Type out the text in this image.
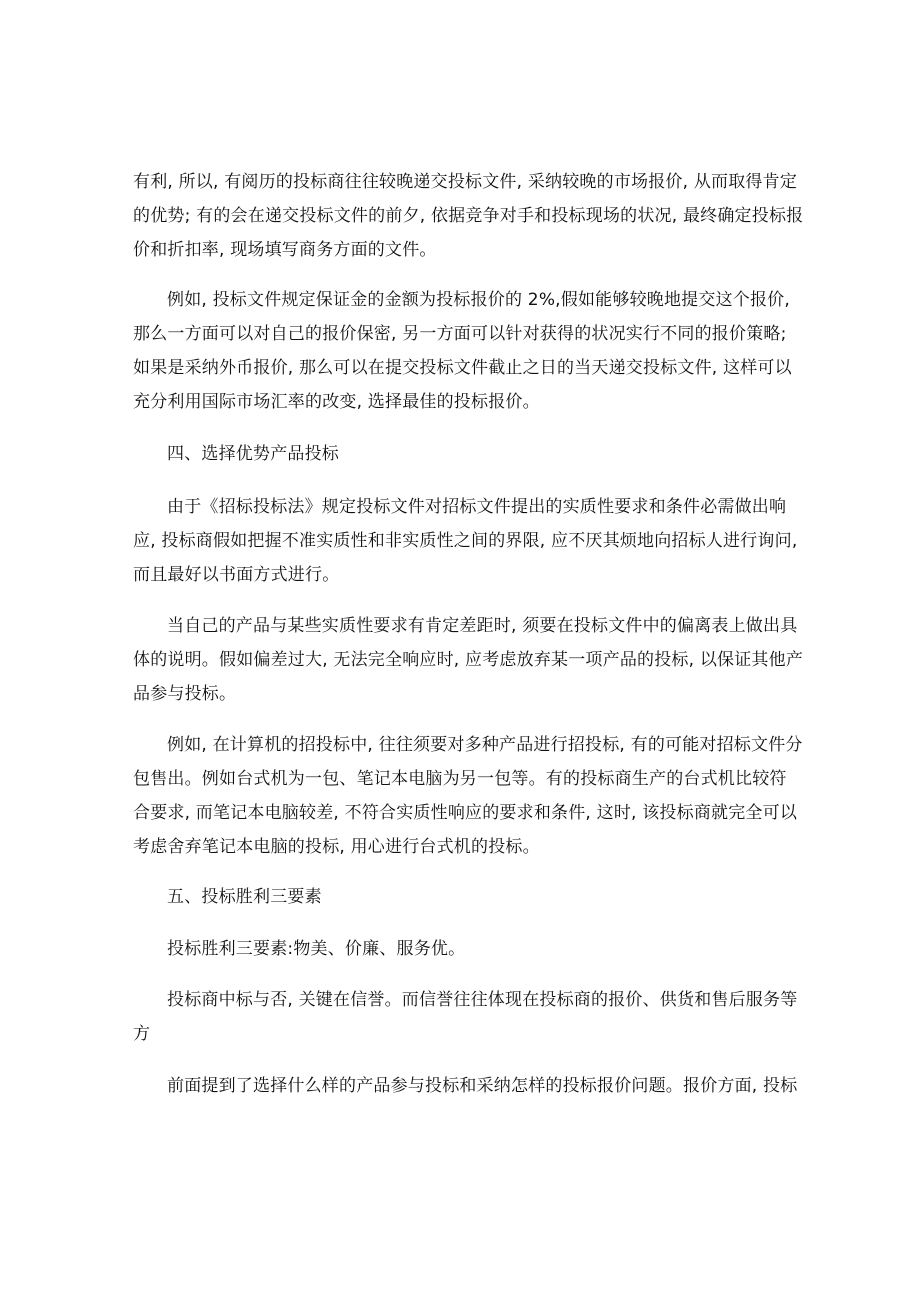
有利, 所以, 有阅历的投标商往往较晚递交投标文件, 采纳较晚的市场报价, 从而取得肯定
的优势; 有的会在递交投标文件的前夕, 依据竞争对手和投标现场的状况, 最终确定投标报
价和折扣率, 现场填写商务方面的文件。
例如, 投标文件规定保证金的金额为投标报价的 2%,假如能够较晚地提交这个报价,
那么一方面可以对自己的报价保密, 另一方面可以针对获得的状况实行不同的报价策略;
如果是采纳外币报价, 那么可以在提交投标文件截止之日的当天递交投标文件, 这样可以
充分利用国际市场汇率的改变, 选择最佳的投标报价。
四、选择优势产品投标
由于《招标投标法》规定投标文件对招标文件提出的实质性要求和条件必需做出响
应, 投标商假如把握不准实质性和非实质性之间的界限, 应不厌其烦地向招标人进行询问,
而且最好以书面方式进行。
当自己的产品与某些实质性要求有肯定差距时, 须要在投标文件中的偏离表上做出具
体的说明。假如偏差过大, 无法完全响应时, 应考虑放弃某一项产品的投标, 以保证其他产
品参与投标。
例如, 在计算机的招投标中, 往往须要对多种产品进行招投标, 有的可能对招标文件分
包售出。例如台式机为一包、笔记本电脑为另一包等。有的投标商生产的台式机比较符
合要求, 而笔记本电脑较差, 不符合实质性响应的要求和条件, 这时, 该投标商就完全可以
考虑舍弃笔记本电脑的投标, 用心进行台式机的投标。
五、投标胜利三要素
投标胜利三要素:物美、价廉、服务优。
投标商中标与否, 关键在信誉。而信誉往往体现在投标商的报价、供货和售后服务等
方
前面提到了选择什么样的产品参与投标和采纳怎样的投标报价问题。报价方面, 投标
